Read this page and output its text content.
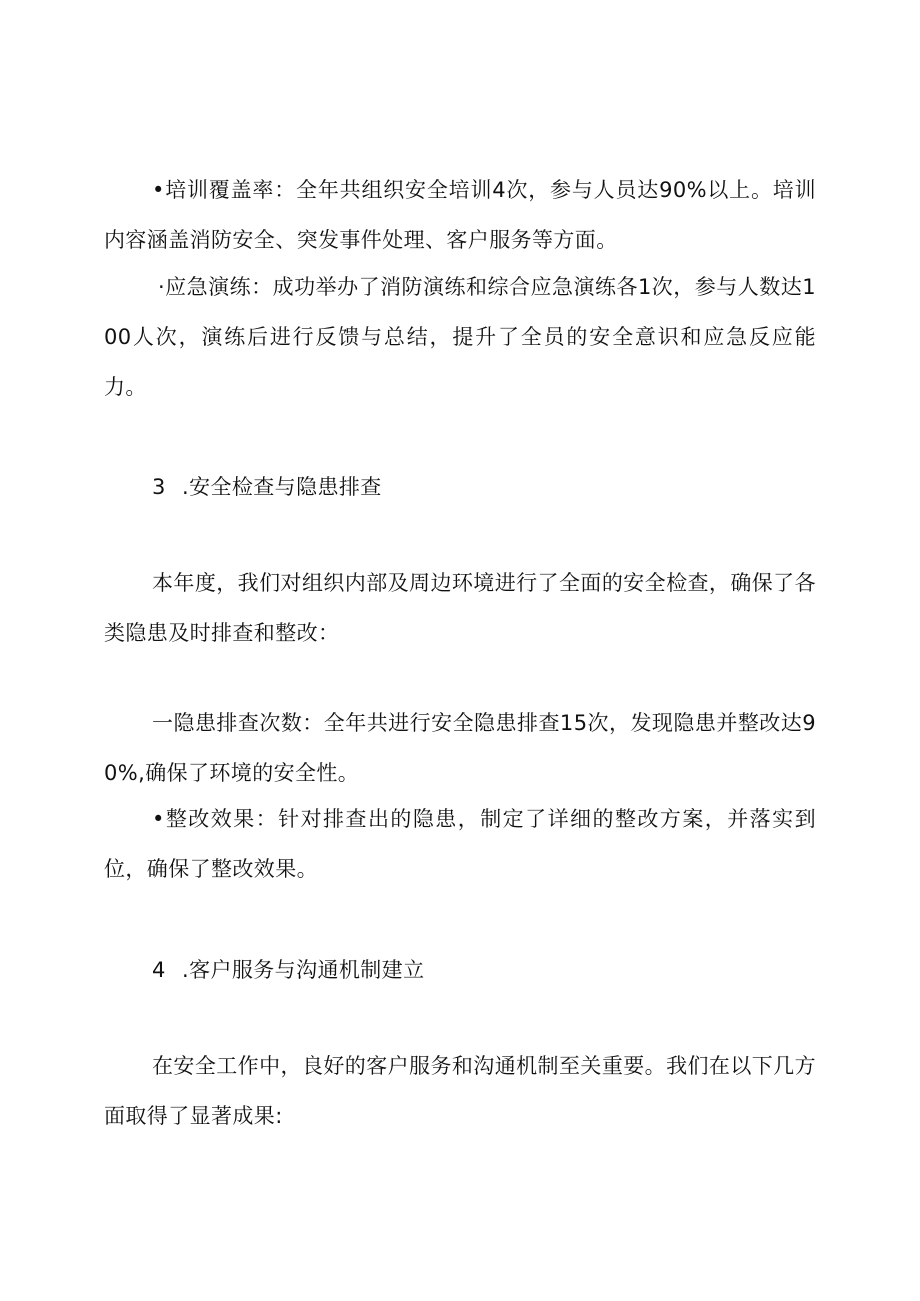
•培训覆盖率：全年共组织安全培训4次，参与人员达90%以上。培训内容涵盖消防安全、突发事件处理、客户服务等方面。

·应急演练：成功举办了消防演练和综合应急演练各1次，参与人数达100人次，演练后进行反馈与总结，提升了全员的安全意识和应急反应能力。

3 .安全检查与隐患排查

本年度，我们对组织内部及周边环境进行了全面的安全检查，确保了各类隐患及时排查和整改：

一隐患排查次数：全年共进行安全隐患排查15次，发现隐患并整改达90%,确保了环境的安全性。

•整改效果：针对排查出的隐患，制定了详细的整改方案，并落实到位，确保了整改效果。

4 .客户服务与沟通机制建立

在安全工作中，良好的客户服务和沟通机制至关重要。我们在以下几方面取得了显著成果:
